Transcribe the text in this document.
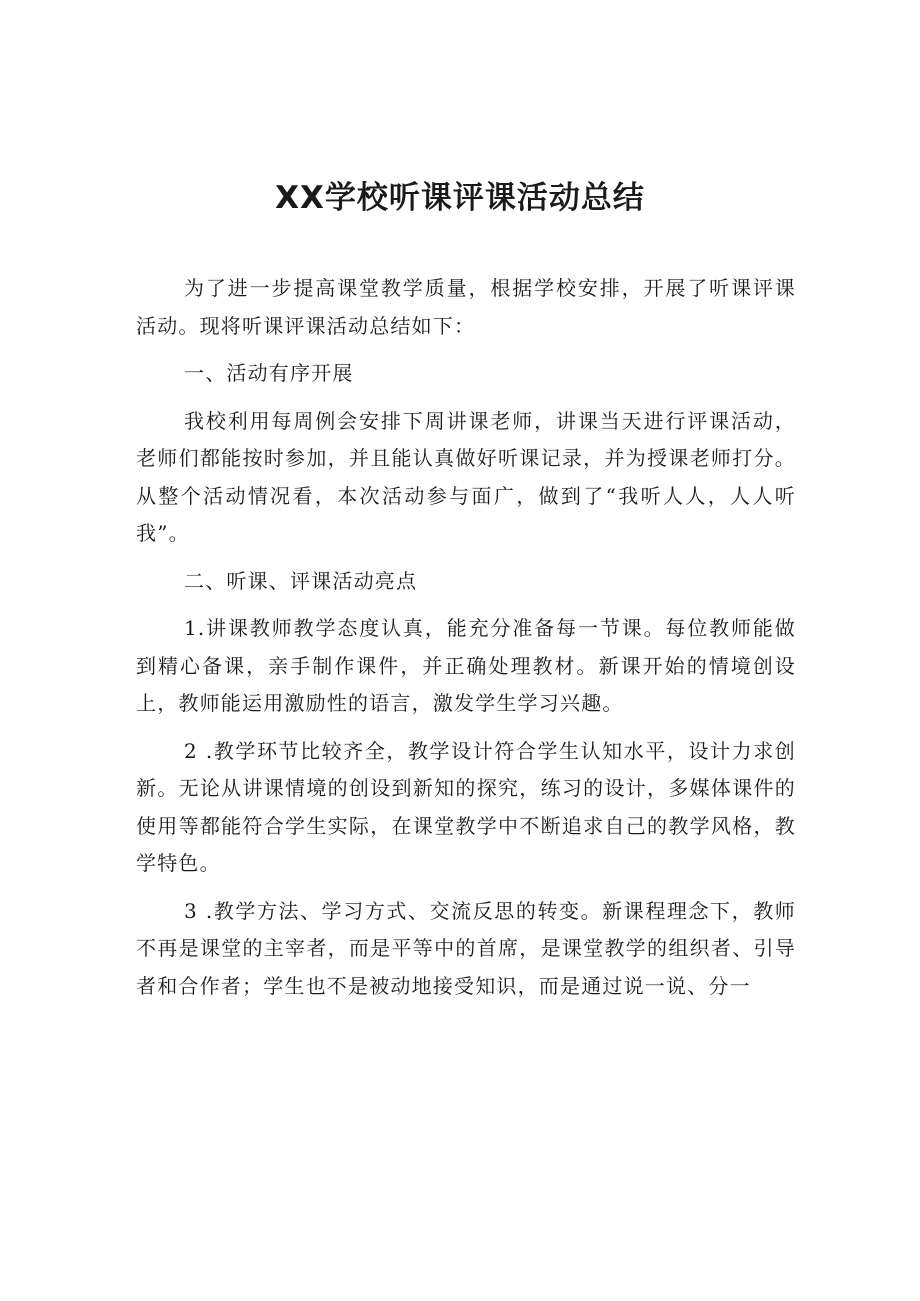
XX学校听课评课活动总结

为了进一步提高课堂教学质量，根据学校安排，开展了听课评课活动。现将听课评课活动总结如下：

一、活动有序开展

我校利用每周例会安排下周讲课老师，讲课当天进行评课活动，老师们都能按时参加，并且能认真做好听课记录，并为授课老师打分。从整个活动情况看，本次活动参与面广，做到了“我听人人，人人听我”。

二、听课、评课活动亮点

1.讲课教师教学态度认真，能充分准备每一节课。每位教师能做到精心备课，亲手制作课件，并正确处理教材。新课开始的情境创设上，教师能运用激励性的语言，激发学生学习兴趣。

2 .教学环节比较齐全，教学设计符合学生认知水平，设计力求创新。无论从讲课情境的创设到新知的探究，练习的设计，多媒体课件的使用等都能符合学生实际，在课堂教学中不断追求自己的教学风格，教学特色。

3 .教学方法、学习方式、交流反思的转变。新课程理念下，教师不再是课堂的主宰者，而是平等中的首席，是课堂教学的组织者、引导者和合作者；学生也不是被动地接受知识，而是通过说一说、分一
